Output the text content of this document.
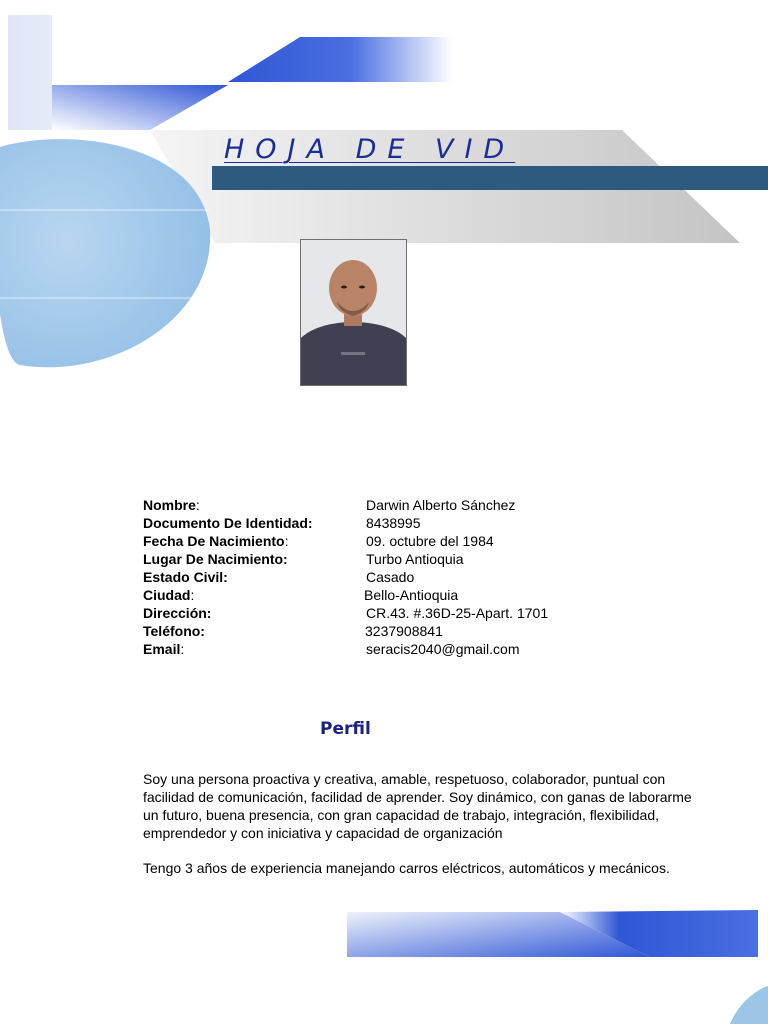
HOJA DE VID
Nombre:	Darwin Alberto Sánchez
Documento De Identidad:	8438995
Fecha De Nacimiento:	09. octubre del 1984
Lugar De Nacimiento:	Turbo Antioquia
Estado Civil:	Casado
Ciudad:	Bello-Antioquia
Dirección:	CR.43. #.36D-25-Apart. 1701
Teléfono:	3237908841
Email:	seracis2040@gmail.com
Perfil

Soy una persona proactiva y creativa, amable, respetuoso, colaborador, puntual con facilidad de comunicación, facilidad de aprender. Soy dinámico, con ganas de laborarme un futuro, buena presencia, con gran capacidad de trabajo, integración, flexibilidad, emprendedor y con iniciativa y capacidad de organización

Tengo 3 años de experiencia manejando carros eléctricos, automáticos y mecánicos.
